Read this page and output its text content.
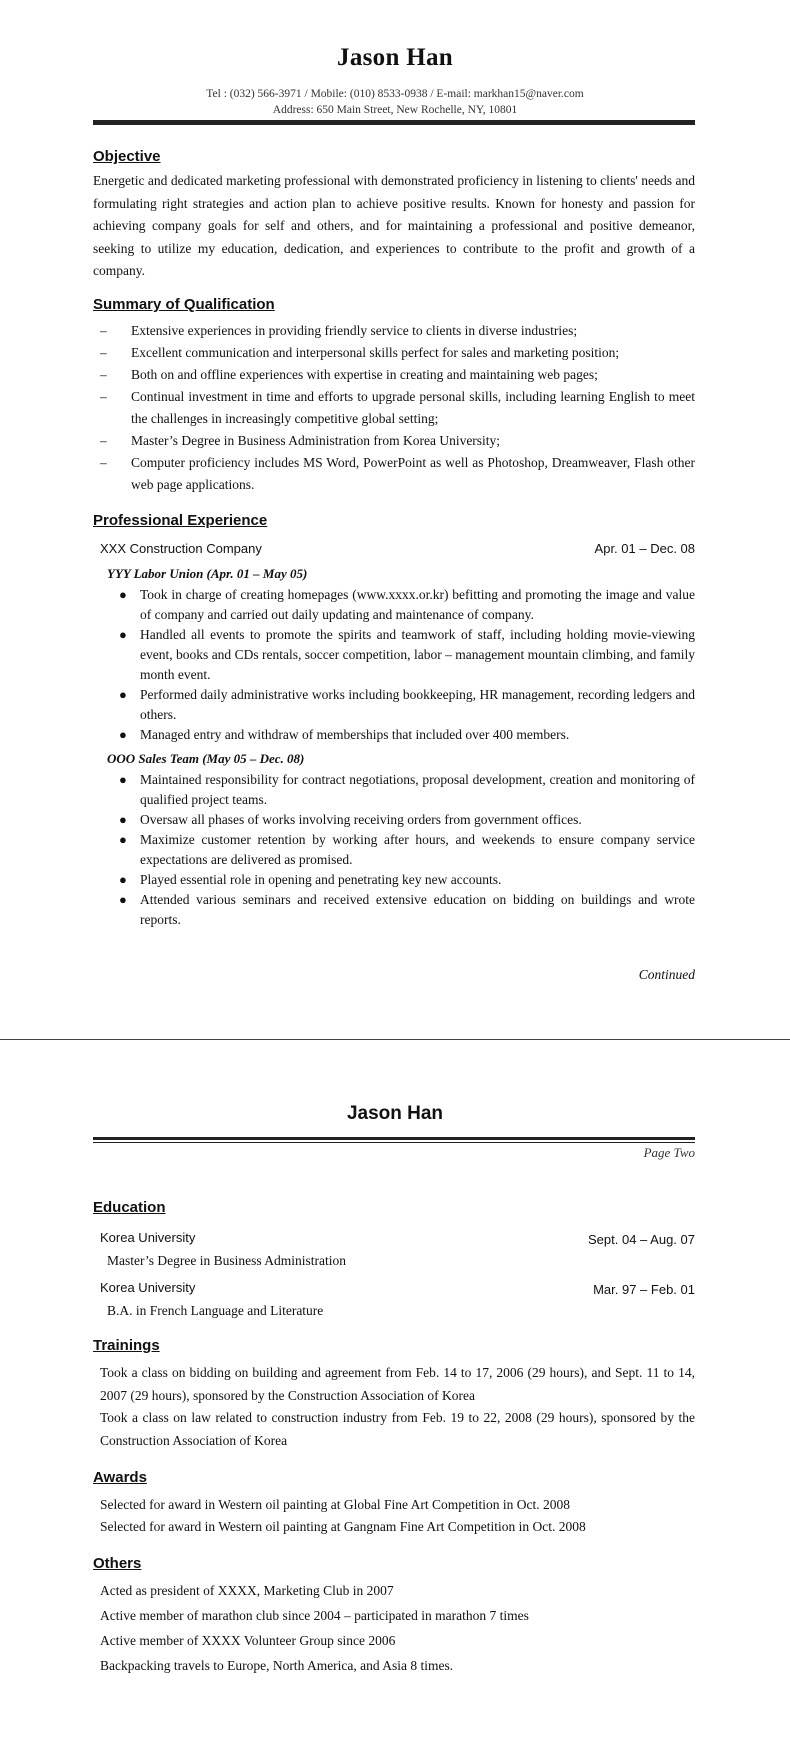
Jason Han
Tel : (032) 566-3971 / Mobile: (010) 8533-0938 / E-mail: markhan15@naver.com
Address: 650 Main Street, New Rochelle, NY, 10801
Objective
Energetic and dedicated marketing professional with demonstrated proficiency in listening to clients' needs and formulating right strategies and action plan to achieve positive results. Known for honesty and passion for achieving company goals for self and others, and for maintaining a professional and positive demeanor, seeking to utilize my education, dedication, and experiences to contribute to the profit and growth of a company.
Summary of Qualification
– Extensive experiences in providing friendly service to clients in diverse industries;
– Excellent communication and interpersonal skills perfect for sales and marketing position;
– Both on and offline experiences with expertise in creating and maintaining web pages;
– Continual investment in time and efforts to upgrade personal skills, including learning English to meet the challenges in increasingly competitive global setting;
– Master’s Degree in Business Administration from Korea University;
– Computer proficiency includes MS Word, PowerPoint as well as Photoshop, Dreamweaver, Flash other web page applications.
Professional Experience
XXX Construction Company	Apr. 01 – Dec. 08
YYY Labor Union (Apr. 01 – May 05)
● Took in charge of creating homepages (www.xxxx.or.kr) befitting and promoting the image and value of company and carried out daily updating and maintenance of company.
● Handled all events to promote the spirits and teamwork of staff, including holding movie-viewing event, books and CDs rentals, soccer competition, labor – management mountain climbing, and family month event.
● Performed daily administrative works including bookkeeping, HR management, recording ledgers and others.
● Managed entry and withdraw of memberships that included over 400 members.
OOO Sales Team (May 05 – Dec. 08)
● Maintained responsibility for contract negotiations, proposal development, creation and monitoring of qualified project teams.
● Oversaw all phases of works involving receiving orders from government offices.
● Maximize customer retention by working after hours, and weekends to ensure company service expectations are delivered as promised.
● Played essential role in opening and penetrating key new accounts.
● Attended various seminars and received extensive education on bidding on buildings and wrote reports.
Continued
Jason Han
Page Two
Education
Korea University	Sept. 04 – Aug. 07
Master’s Degree in Business Administration
Korea University	Mar. 97 – Feb. 01
B.A. in French Language and Literature
Trainings
Took a class on bidding on building and agreement from Feb. 14 to 17, 2006 (29 hours), and Sept. 11 to 14, 2007 (29 hours), sponsored by the Construction Association of Korea
Took a class on law related to construction industry from Feb. 19 to 22, 2008 (29 hours), sponsored by the Construction Association of Korea
Awards
Selected for award in Western oil painting at Global Fine Art Competition in Oct. 2008
Selected for award in Western oil painting at Gangnam Fine Art Competition in Oct. 2008
Others
Acted as president of XXXX, Marketing Club in 2007
Active member of marathon club since 2004 – participated in marathon 7 times
Active member of XXXX Volunteer Group since 2006
Backpacking travels to Europe, North America, and Asia 8 times.
